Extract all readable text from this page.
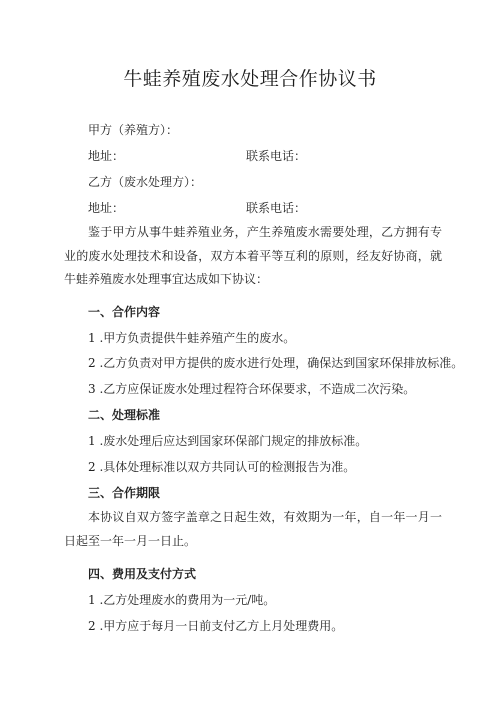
牛蛙养殖废水处理合作协议书
甲方（养殖方）：
地址：	联系电话：
乙方（废水处理方）：
地址：	联系电话：
鉴于甲方从事牛蛙养殖业务，产生养殖废水需要处理，乙方拥有专业的废水处理技术和设备，双方本着平等互利的原则，经友好协商，就牛蛙养殖废水处理事宜达成如下协议：
一、合作内容
1 .甲方负责提供牛蛙养殖产生的废水。
2 .乙方负责对甲方提供的废水进行处理，确保达到国家环保排放标准。
3 .乙方应保证废水处理过程符合环保要求，不造成二次污染。
二、处理标准
1 .废水处理后应达到国家环保部门规定的排放标准。
2 .具体处理标准以双方共同认可的检测报告为准。
三、合作期限
本协议自双方签字盖章之日起生效，有效期为一年，自一年一月一日起至一年一月一日止。
四、费用及支付方式
1 .乙方处理废水的费用为一元/吨。
2 .甲方应于每月一日前支付乙方上月处理费用。
